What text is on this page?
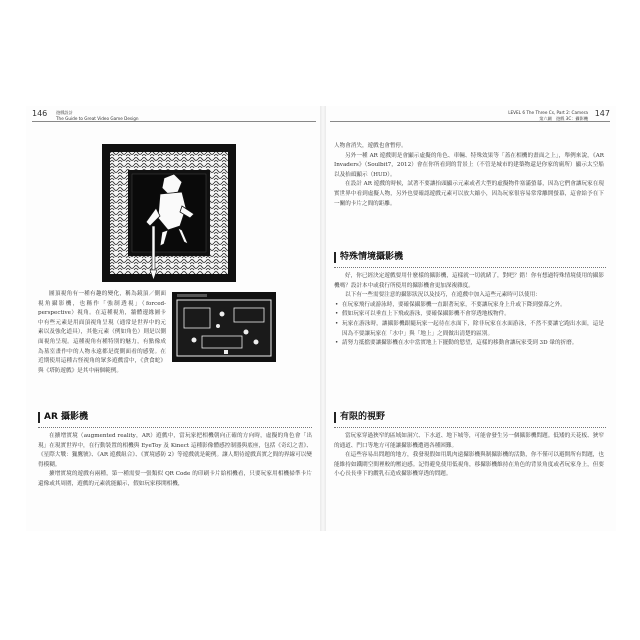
146 遊戲設計
The Guide to Great Video Game Design

圖頂視角有一種有趣的變化，稱為鏡頂／側面視角攝影機，也稱作「強制透視」（forced-perspective）視角。在這種視角，牆體邊緣圖卡中有些元素是用面頂視角呈現（通常是世界中的元素以及強化道具），其他元素（例如角色）則是以側面視角呈現。這種視角有種特別的魅力，有點像成為墓室畫作中的人物永遠都是從側面看的感覺。在近期使用這種古怪視角的眾多遊戲當中，《貪食蛇》與《塔防遊戲》是其中兩個範例。

AR 攝影機

在擴增實境（augmented reality，AR）遊戲中，當玩家把相機朝向正確的方向時，虛擬的角色會「出現」在現實世界中，在行動裝置的相機與 EyeToy 及 Kinect 這種影像體感控制器與底座，包括《奇幻之書》、《星際大戰：獵鷹號》、《AR 遊戲組合》、《實境感防 2》等遊戲就是範例。讓人期待遊戲真實之間的界線可以變得模糊。

擴增實境的遊戲有兩種，第一種需要一張類似 QR Code 的印刷卡片給相機看，只要玩家用相機掃準卡片還像或其周圍，遊戲的元素就能顯示，假如玩家移開相機，

LEVEL 6 The Three Cs, Part 2: Camera
第六關　遊戲 3C：攝影機
147

人物會消失，遊戲也會暫停。

另外一種 AR 遊戲則是會顯示虛擬的角色、車輛、特殊效果等「蓋在相機的畫面之上」，舉例來說，《AR Invaders》（Soulbit7，2012）會在你所看到的背景上（不管是城市的建築物還是你家的廁所）顯示太空船以及抬頭顯示（HUD）。

在設計 AR 遊戲的時候，試著不要讓抬頭顯示元素或者大型的虛擬物件塞滿螢幕，因為它們會讓玩家在現實世界中看到虛擬人物，另外也要確認遊戲元素可以放大縮小，因為玩家很容易常常離開螢幕，這會給予在下一關的卡片之間的距離。

特殊情境攝影機

好，你已經決定遊戲要用什麼樣的攝影機，這樣就一切就緒了，對吧？錯！你有想過特殊情境使用的攝影機嗎？設計本中或我行所使用的攝影機會更加深複雜度。

以下有一些需要注意的攝影狀況以及技巧，在遊戲中加入這些元素時可以使用：

• 在玩家飛行或游泳時，要確保攝影機一直跟著玩家，不要讓玩家身上升或下降到螢幕之外。
• 假如玩家可以垂直上下飛或游泳，要確保攝影機不會穿透地板物件。
• 玩家在游泳時，讓攝影機跟隨玩家一起待在水面下，除非玩家在水面游泳，不然不要讓它跑出水面，這是因為不要讓玩家在「水中」與「地上」之間做出清楚的區別。
• 請努力抵擋要讓攝影機在水中當實地上下擺動的慾望，這樣的移動會讓玩家受到 3D 暈的折磨。
有限的視野

當玩家穿過狹窄的區域如洞穴、下水道、地下城等，可能會發生另一個攝影機問題。低矮的天花板、狹窄的通道、門口等地方可能讓攝影機遭遇各種困難。

在這些容易出問題的地方，我發現假如用肌肉遠攝影機與制攝影機的活動，你不僅可以避開所有問題，也能維持如鐵閘空間裡較的壓迫感。記得避免使用低視角，移攝影機維持在角色的背景角度或者玩家身上，但要小心長長垂下的纜乳石造成攝影機穿透的問題。
